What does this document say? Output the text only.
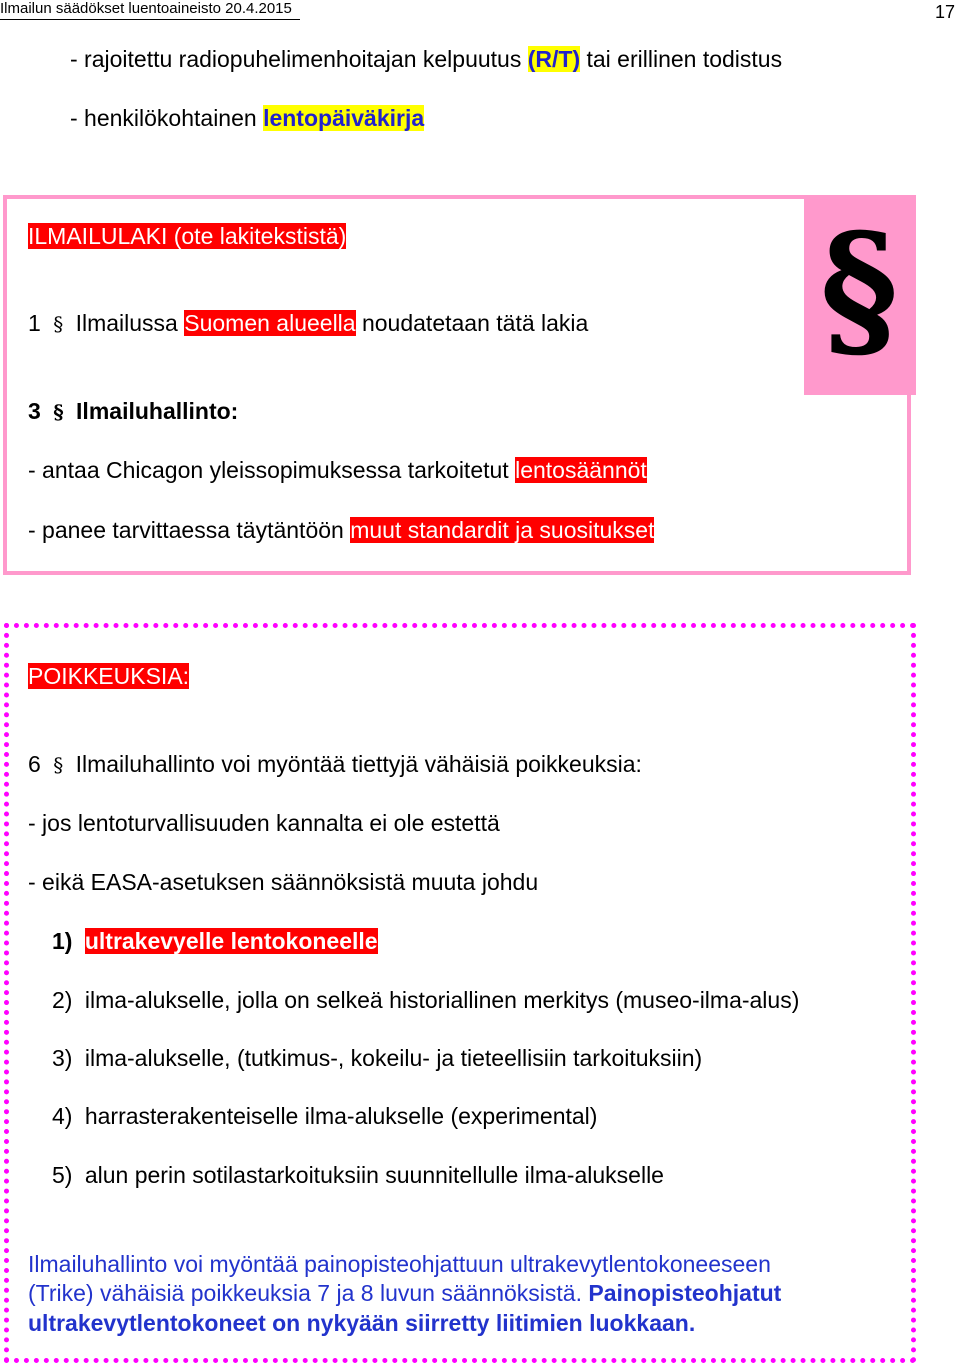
Ilmailun säädökset luentoaineisto 20.4.2015	17
- rajoitettu radiopuhelimenhoitajan kelpuutus (R/T) tai erillinen todistus
- henkilökohtainen lentopäiväkirja
§
ILMAILULAKI (ote lakitekstistä)
1 § Ilmailussa Suomen alueella noudatetaan tätä lakia
3 § Ilmailuhallinto:
- antaa Chicagon yleissopimuksessa tarkoitetut lentosäännöt
- panee tarvittaessa täytäntöön muut standardit ja suositukset
POIKKEUKSIA:
6 § Ilmailuhallinto voi myöntää tiettyjä vähäisiä poikkeuksia:
- jos lentoturvallisuuden kannalta ei ole estettä
- eikä EASA-asetuksen säännöksistä muuta johdu
1) ultrakevyelle lentokoneelle
2) ilma-alukselle, jolla on selkeä historiallinen merkitys (museo-ilma-alus)
3) ilma-alukselle, (tutkimus-, kokeilu- ja tieteellisiin tarkoituksiin)
4) harrasterakenteiselle ilma-alukselle (experimental)
5) alun perin sotilastarkoituksiin suunnitellulle ilma-alukselle
Ilmailuhallinto voi myöntää painopisteohjattuun ultrakevytlentokoneeseen
(Trike) vähäisiä poikkeuksia 7 ja 8 luvun säännöksistä. Painopisteohjatut
ultrakevytlentokoneet on nykyään siirretty liitimien luokkaan.
